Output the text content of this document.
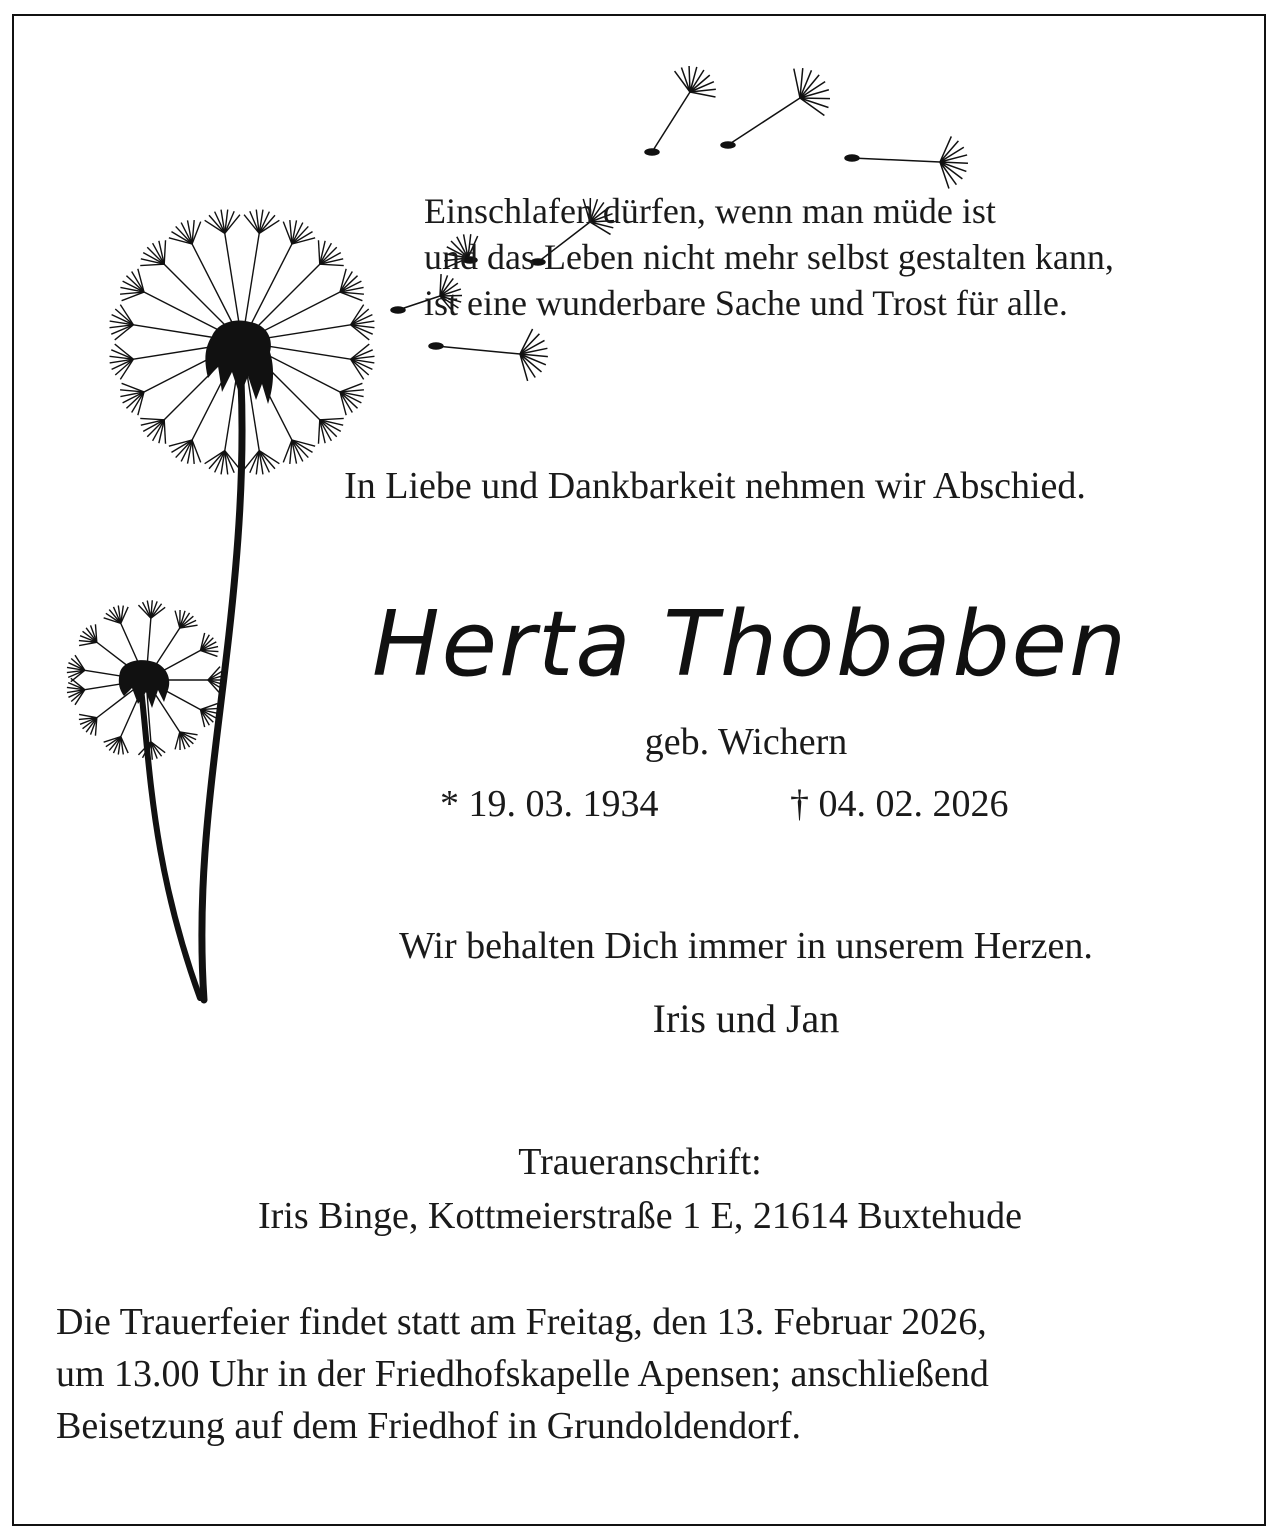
Einschlafen dürfen, wenn man müde ist
und das Leben nicht mehr selbst gestalten kann,
ist eine wunderbare Sache und Trost für alle.
In Liebe und Dankbarkeit nehmen wir Abschied.
Herta Thobaben
geb. Wichern
* 19. 03. 1934	† 04. 02. 2026
Wir behalten Dich immer in unserem Herzen.
Iris und Jan
Traueranschrift:
Iris Binge, Kottmeierstraße 1 E, 21614 Buxtehude
Die Trauerfeier findet statt am Freitag, den 13. Februar 2026,
um 13.00 Uhr in der Friedhofskapelle Apensen; anschließend
Beisetzung auf dem Friedhof in Grundoldendorf.
